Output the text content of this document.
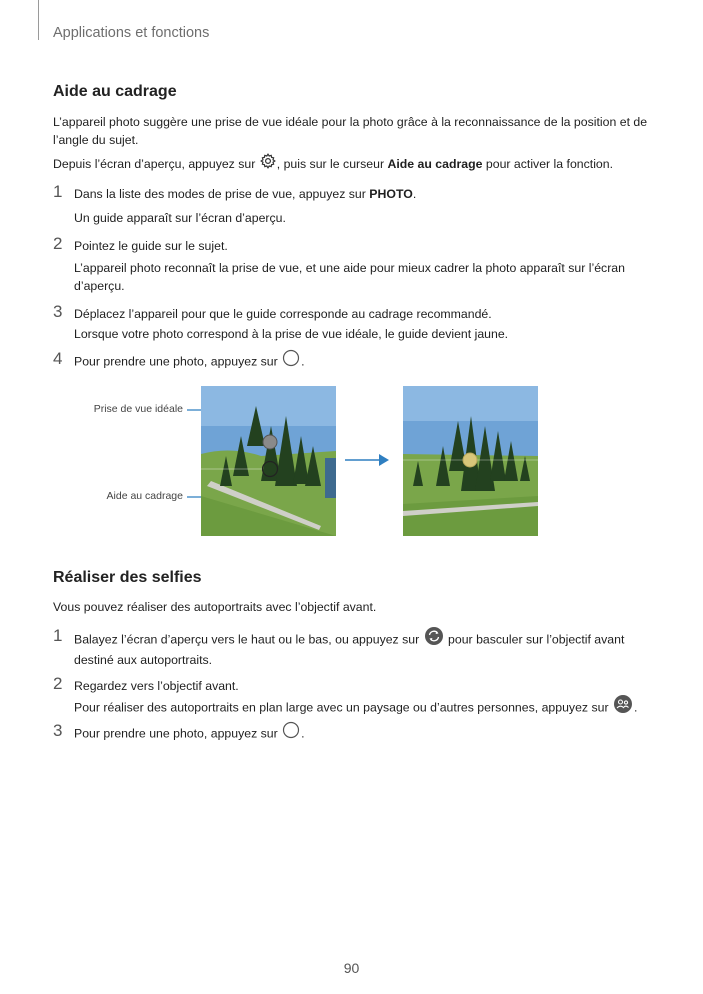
Applications et fonctions
Aide au cadrage

L’appareil photo suggère une prise de vue idéale pour la photo grâce à la reconnaissance de la position et de l’angle du sujet.

Depuis l’écran d’aperçu, appuyez sur , puis sur le curseur Aide au cadrage pour activer la fonction.

1 Dans la liste des modes de prise de vue, appuyez sur PHOTO.

Un guide apparaît sur l’écran d’aperçu.

2 Pointez le guide sur le sujet.

L’appareil photo reconnaît la prise de vue, et une aide pour mieux cadrer la photo apparaît sur l’écran d’aperçu.

3 Déplacez l’appareil pour que le guide corresponde au cadrage recommandé.

Lorsque votre photo correspond à la prise de vue idéale, le guide devient jaune.

4 Pour prendre une photo, appuyez sur .

Prise de vue idéale
Aide au cadrage
Réaliser des selfies

Vous pouvez réaliser des autoportraits avec l’objectif avant.

1 Balayez l’écran d’aperçu vers le haut ou le bas, ou appuyez sur  pour basculer sur l’objectif avant destiné aux autoportraits.

2 Regardez vers l’objectif avant.

Pour réaliser des autoportraits en plan large avec un paysage ou d’autres personnes, appuyez sur .

3 Pour prendre une photo, appuyez sur .

90
